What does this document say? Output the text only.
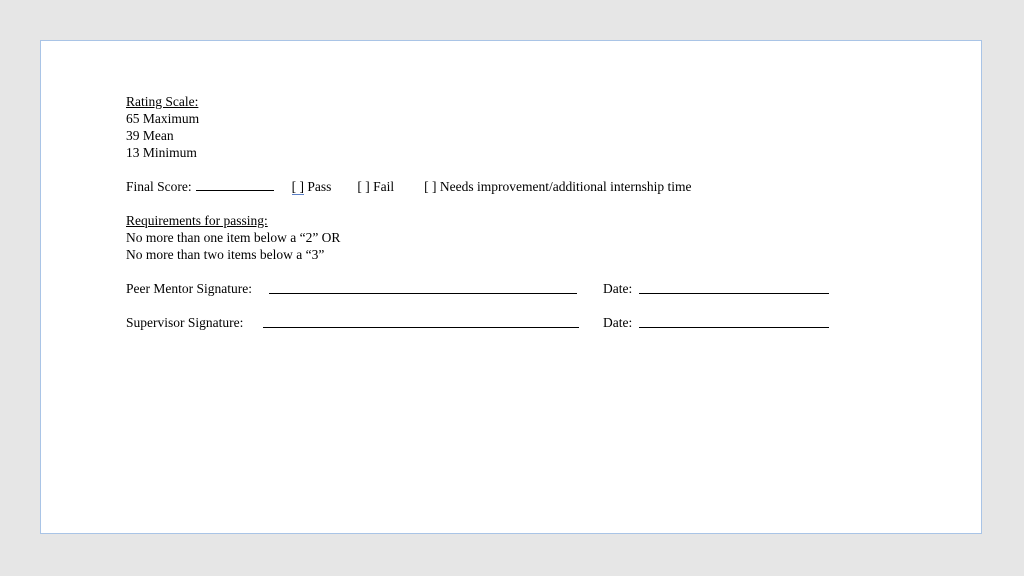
Rating Scale:
65 Maximum
39 Mean
13 Minimum
Final Score:	[ ] Pass [ ] Fail [ ] Needs improvement/additional internship time
Requirements for passing:
No more than one item below a “2” OR
No more than two items below a “3”
Peer Mentor Signature:	Date:
Supervisor Signature:	Date:
